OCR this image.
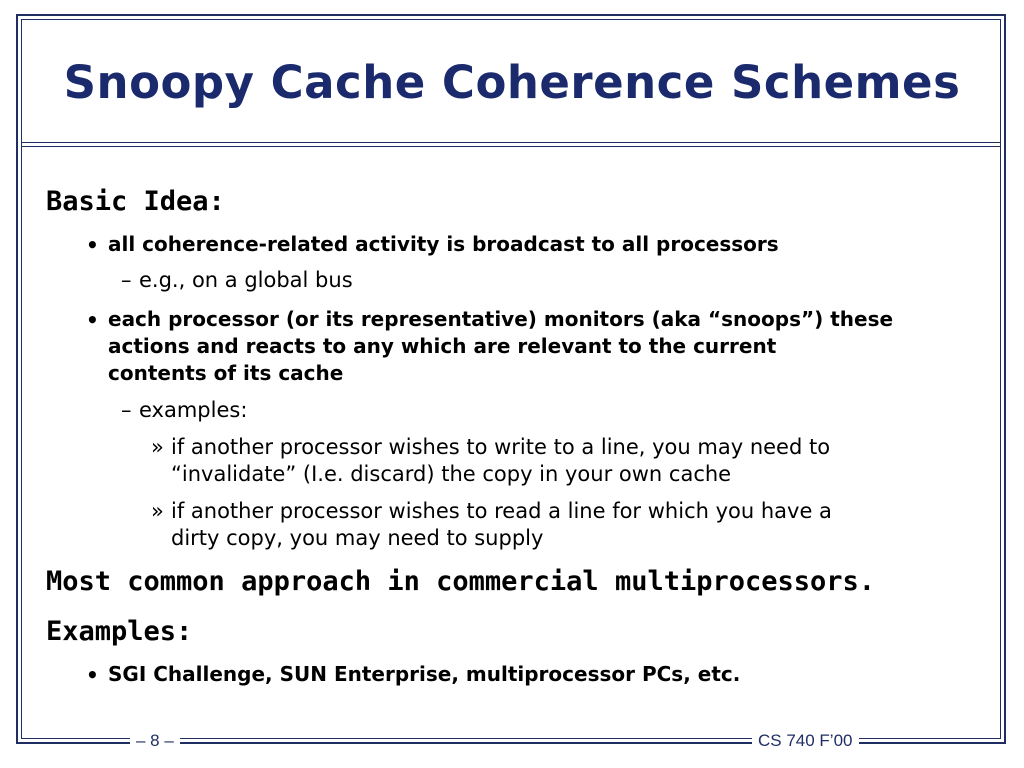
Snoopy Cache Coherence Schemes
Basic Idea:
• all coherence-related activity is broadcast to all processors
– e.g., on a global bus
• each processor (or its representative) monitors (aka “snoops”) these
actions and reacts to any which are relevant to the current
contents of its cache
– examples:
» if another processor wishes to write to a line, you may need to
“invalidate” (I.e. discard) the copy in your own cache
» if another processor wishes to read a line for which you have a
dirty copy, you may need to supply
Most common approach in commercial multiprocessors.
Examples:
• SGI Challenge, SUN Enterprise, multiprocessor PCs, etc.
– 8 –	CS 740 F’00
